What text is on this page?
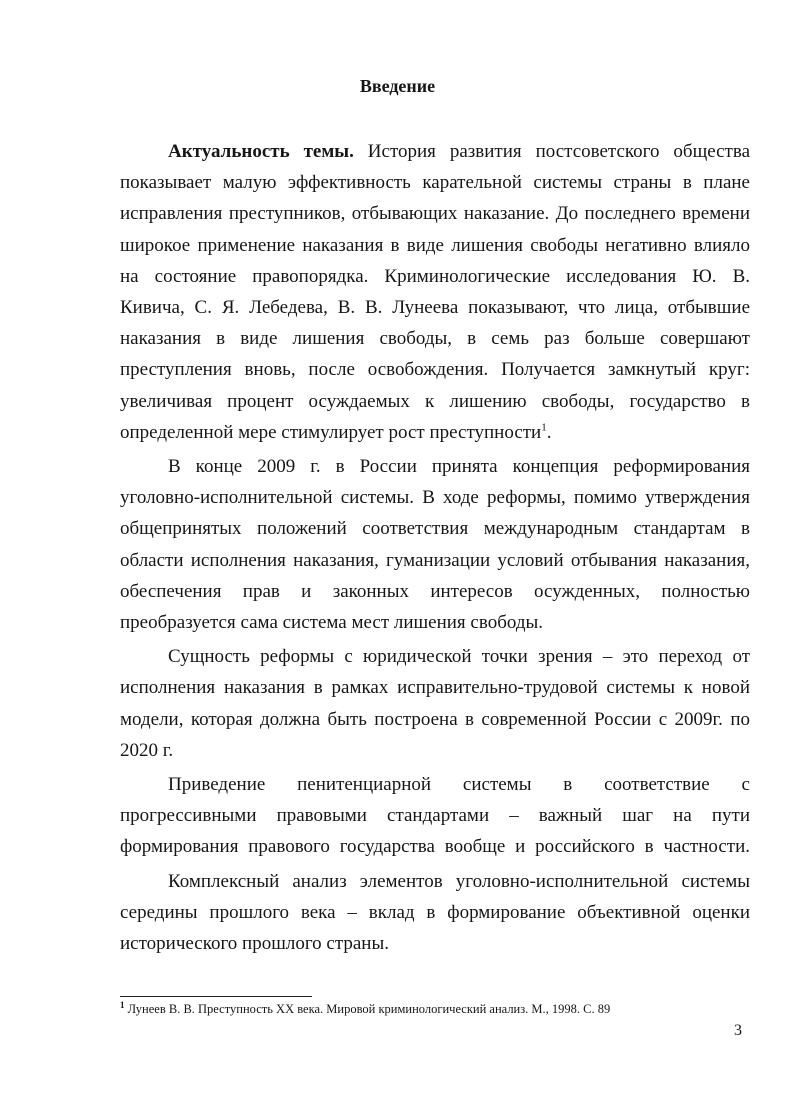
Введение

Актуальность темы. История развития постсоветского общества показывает малую эффективность карательной системы страны в плане исправления преступников, отбывающих наказание. До последнего времени широкое применение наказания в виде лишения свободы негативно влияло на состояние правопорядка. Криминологические исследования Ю. В. Кивича, С. Я. Лебедева, В. В. Лунеева показывают, что лица, отбывшие наказания в виде лишения свободы, в семь раз больше совершают преступления вновь, после освобождения. Получается замкнутый круг: увеличивая процент осуждаемых к лишению свободы, государство в определенной мере стимулирует рост преступности$^1$.

В конце 2009 г. в России принята концепция реформирования уголовно-исполнительной системы. В ходе реформы, помимо утверждения общепринятых положений соответствия международным стандартам в области исполнения наказания, гуманизации условий отбывания наказания, обеспечения прав и законных интересов осужденных, полностью преобразуется сама система мест лишения свободы.

Сущность реформы с юридической точки зрения – это переход от исполнения наказания в рамках исправительно-трудовой системы к новой модели, которая должна быть построена в современной России с 2009г. по 2020 г.

Приведение пенитенциарной системы в соответствие с прогрессивными правовыми стандартами – важный шаг на пути формирования правового государства вообще и российского в частности.

Комплексный анализ элементов уголовно-исполнительной системы середины прошлого века – вклад в формирование объективной оценки исторического прошлого страны.

$^1$ Лунеев В. В. Преступность XX века. Мировой криминологический анализ. М., 1998. С. 89

3
